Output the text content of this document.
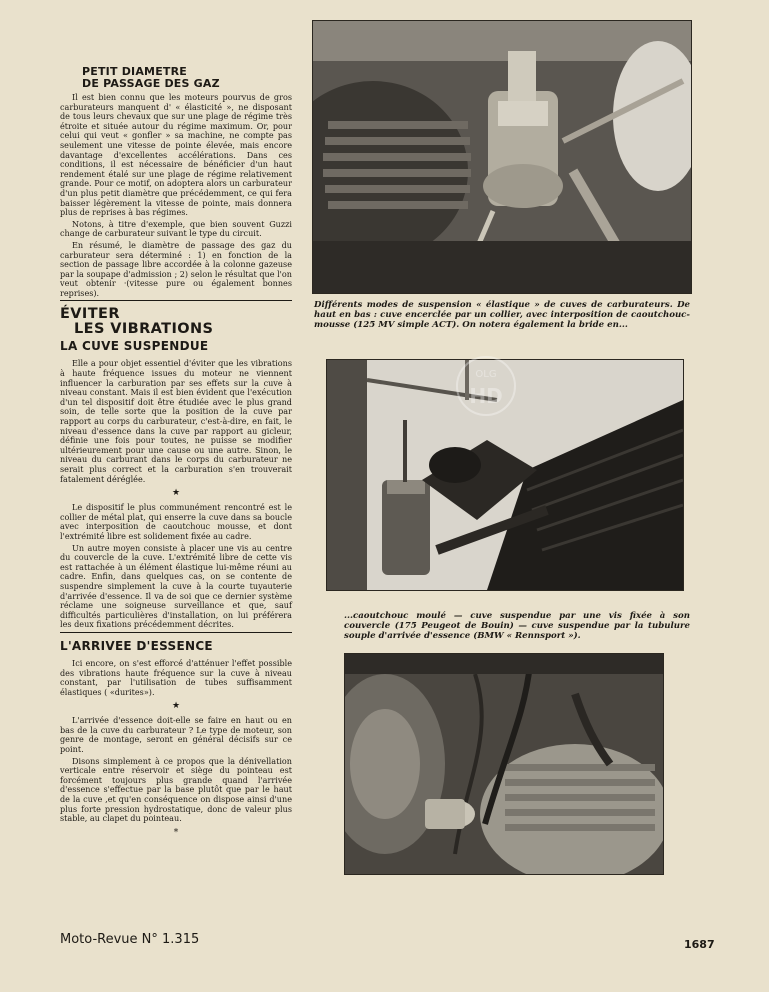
PETIT DIAMETRE
DE PASSAGE DES GAZ

Il est bien connu que les moteurs pourvus de gros carburateurs manquent d' « élasticité », ne disposant de tous leurs chevaux que sur une plage de régime très étroite et située autour du régime maximum. Or, pour celui qui veut « gonfler » sa machine, ne compte pas seulement une vitesse de pointe élevée, mais encore davantage d'excellentes accélérations. Dans ces conditions, il est nécessaire de bénéficier d'un haut rendement étalé sur une plage de régime relativement grande. Pour ce motif, on adoptera alors un carburateur d'un plus petit diamètre que précédemment, ce qui fera baisser légèrement la vitesse de pointe, mais donnera plus de reprises à bas régimes.

Notons, à titre d'exemple, que bien souvent Guzzi change de carburateur suivant le type du circuit.

En résumé, le diamètre de passage des gaz du carburateur sera déterminé : 1) en fonction de la section de passage libre accordée à la colonne gazeuse par la soupape d'admission ; 2) selon le résultat que l'on veut obtenir ·(vitesse pure ou également bonnes reprises).

ÉVITER
LES VIBRATIONS
LA CUVE SUSPENDUE

Elle a pour objet essentiel d'éviter que les vibrations à haute fréquence issues du moteur ne viennent influencer la carburation par ses effets sur la cuve à niveau constant. Mais il est bien évident que l'exécution d'un tel dispositif doit être étudiée avec le plus grand soin, de telle sorte que la position de la cuve par rapport au corps du carburateur, c'est-à-dire, en fait, le niveau d'essence dans la cuve par rapport au gicleur, définie une fois pour toutes, ne puisse se modifier ultérieurement pour une cause ou une autre. Sinon, le niveau du carburant dans le corps du carburateur ne serait plus correct et la carburation s'en trouverait fatalement déréglée.

★

Le dispositif le plus communément rencontré est le collier de métal plat, qui enserre la cuve dans sa boucle avec interposition de caoutchouc mousse, et dont l'extrémité libre est solidement fixée au cadre.

Un autre moyen consiste à placer une vis au centre du couvercle de la cuve. L'extrémité libre de cette vis est rattachée à un élément élastique lui-même réuni au cadre. Enfin, dans quelques cas, on se contente de suspendre simplement la cuve à la courte tuyauterie d'arrivée d'essence. Il va de soi que ce dernier système réclame une soigneuse surveillance et que, sauf difficultés particulières d'installation, on lui préférera les deux fixations précédemment décrites.

L'ARRIVEE D'ESSENCE

Ici encore, on s'est efforcé d'atténuer l'effet possible des vibrations haute fréquence sur la cuve à niveau constant, par l'utilisation de tubes suffisamment élastiques ( «durites»).

★

L'arrivée d'essence doit-elle se faire en haut ou en bas de la cuve du carburateur ? Le type de moteur, son genre de montage, seront en général décisifs sur ce point.

Disons simplement à ce propos que la dénivellation verticale entre réservoir et siège du pointeau est forcément toujours plus grande quand l'arrivée d'essence s'effectue par la base plutôt que par le haut de la cuve ,et qu'en conséquence on dispose ainsi d'une plus forte pression hydrostatique, donc de valeur plus stable, au clapet du pointeau.

*
Différents modes de suspension « élastique » de cuves de carburateurs. De haut en bas : cuve encerclée par un collier, avec interposition de caoutchouc-mousse (125 MV simple ACT). On notera également la bride en...
...caoutchouc moulé — cuve suspendue par une vis fixée à son couvercle (175 Peugeot de Bouin) — cuve suspendue par la tubulure souple d'arrivée d'essence (BMW « Rennsport »).
OLG
HD
Moto-Revue N° 1.315	1687
